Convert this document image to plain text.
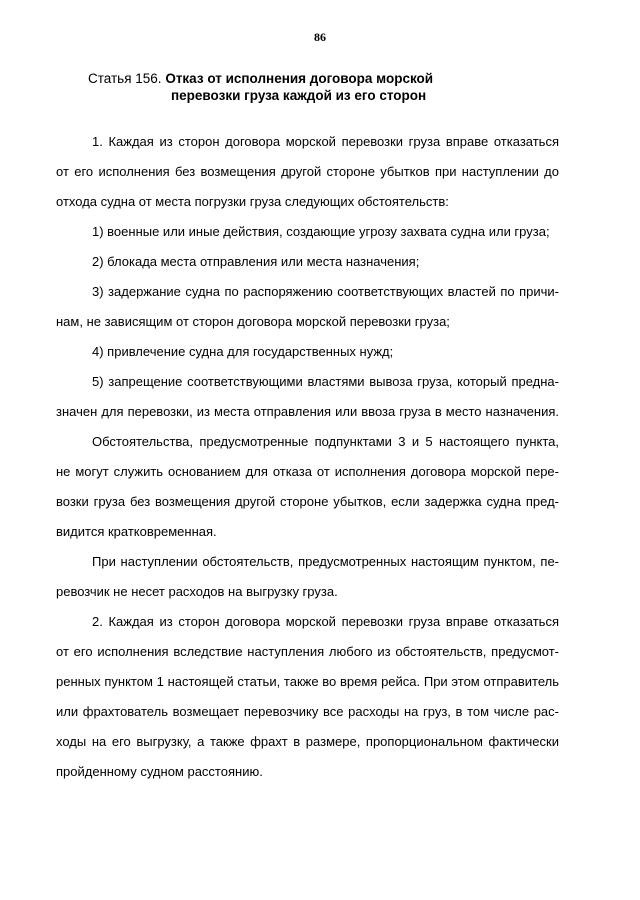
86
Статья 156. Отказ от исполнения договора морской
перевозки груза каждой из его сторон
1. Каждая из сторон договора морской перевозки груза вправе отказаться
от его исполнения без возмещения другой стороне убытков при наступлении до
отхода судна от места погрузки груза следующих обстоятельств:
1) военные или иные действия, создающие угрозу захвата судна или груза;
2) блокада места отправления или места назначения;
3) задержание судна по распоряжению соответствующих властей по причи-
нам, не зависящим от сторон договора морской перевозки груза;
4) привлечение судна для государственных нужд;
5) запрещение соответствующими властями вывоза груза, который предна-
значен для перевозки, из места отправления или ввоза груза в место назначения.
Обстоятельства, предусмотренные подпунктами 3 и 5 настоящего пункта,
не могут служить основанием для отказа от исполнения договора морской пере-
возки груза без возмещения другой стороне убытков, если задержка судна пред-
видится кратковременная.
При наступлении обстоятельств, предусмотренных настоящим пунктом, пе-
ревозчик не несет расходов на выгрузку груза.
2. Каждая из сторон договора морской перевозки груза вправе отказаться
от его исполнения вследствие наступления любого из обстоятельств, предусмот-
ренных пунктом 1 настоящей статьи, также во время рейса. При этом отправитель
или фрахтователь возмещает перевозчику все расходы на груз, в том числе рас-
ходы на его выгрузку, а также фрахт в размере, пропорциональном фактически
пройденному судном расстоянию.
